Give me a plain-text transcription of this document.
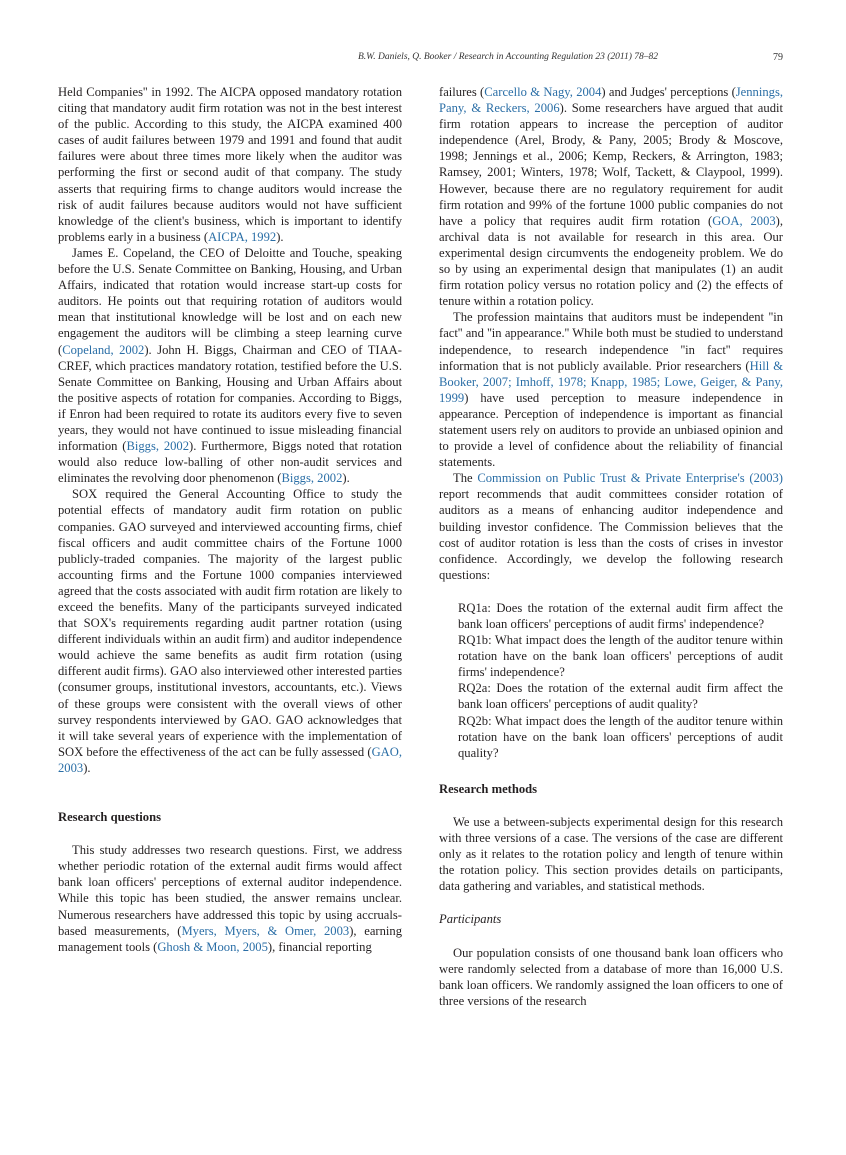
B.W. Daniels, Q. Booker / Research in Accounting Regulation 23 (2011) 78–82	79

Held Companies'' in 1992. The AICPA opposed mandatory rotation citing that mandatory audit firm rotation was not in the best interest of the public. According to this study, the AICPA examined 400 cases of audit failures between 1979 and 1991 and found that audit failures were about three times more likely when the auditor was performing the first or second audit of that company. The study asserts that requiring firms to change auditors would increase the risk of audit failures because auditors would not have sufficient knowledge of the client's business, which is important to identify problems early in a business (AICPA, 1992).

James E. Copeland, the CEO of Deloitte and Touche, speaking before the U.S. Senate Committee on Banking, Housing, and Urban Affairs, indicated that rotation would increase start-up costs for auditors. He points out that requiring rotation of auditors would mean that institutional knowledge will be lost and on each new engagement the auditors will be climbing a steep learning curve (Copeland, 2002). John H. Biggs, Chairman and CEO of TIAA-CREF, which practices mandatory rotation, testified before the U.S. Senate Committee on Banking, Housing and Urban Affairs about the positive aspects of rotation for companies. According to Biggs, if Enron had been required to rotate its auditors every five to seven years, they would not have continued to issue misleading financial information (Biggs, 2002). Furthermore, Biggs noted that rotation would also reduce low-balling of other non-audit services and eliminates the revolving door phenomenon (Biggs, 2002).

SOX required the General Accounting Office to study the potential effects of mandatory audit firm rotation on public companies. GAO surveyed and interviewed accounting firms, chief fiscal officers and audit committee chairs of the Fortune 1000 publicly-traded companies. The majority of the largest public accounting firms and the Fortune 1000 companies interviewed agreed that the costs associated with audit firm rotation are likely to exceed the benefits. Many of the participants surveyed indicated that SOX's requirements regarding audit partner rotation (using different individuals within an audit firm) and auditor independence would achieve the same benefits as audit firm rotation (using different audit firms). GAO also interviewed other interested parties (consumer groups, institutional investors, accountants, etc.). Views of these groups were consistent with the overall views of other survey respondents interviewed by GAO. GAO acknowledges that it will take several years of experience with the implementation of SOX before the effectiveness of the act can be fully assessed (GAO, 2003).

Research questions

This study addresses two research questions. First, we address whether periodic rotation of the external audit firms would affect bank loan officers' perceptions of external auditor independence. While this topic has been studied, the answer remains unclear. Numerous researchers have addressed this topic by using accruals-based measurements, (Myers, Myers, & Omer, 2003), earning management tools (Ghosh & Moon, 2005), financial reporting

failures (Carcello & Nagy, 2004) and Judges' perceptions (Jennings, Pany, & Reckers, 2006). Some researchers have argued that audit firm rotation appears to increase the perception of auditor independence (Arel, Brody, & Pany, 2005; Brody & Moscove, 1998; Jennings et al., 2006; Kemp, Reckers, & Arrington, 1983; Ramsey, 2001; Winters, 1978; Wolf, Tackett, & Claypool, 1999). However, because there are no regulatory requirement for audit firm rotation and 99% of the fortune 1000 public companies do not have a policy that requires audit firm rotation (GOA, 2003), archival data is not available for research in this area. Our experimental design circumvents the endogeneity problem. We do so by using an experimental design that manipulates (1) an audit firm rotation policy versus no rotation policy and (2) the effects of tenure within a rotation policy.

The profession maintains that auditors must be independent ''in fact'' and ''in appearance.'' While both must be studied to understand independence, to research independence ''in fact'' requires information that is not publicly available. Prior researchers (Hill & Booker, 2007; Imhoff, 1978; Knapp, 1985; Lowe, Geiger, & Pany, 1999) have used perception to measure independence in appearance. Perception of independence is important as financial statement users rely on auditors to provide an unbiased opinion and to provide a level of confidence about the reliability of financial statements.

The Commission on Public Trust & Private Enterprise's (2003) report recommends that audit committees consider rotation of auditors as a means of enhancing auditor independence and building investor confidence. The Commission believes that the cost of auditor rotation is less than the costs of crises in investor confidence. Accordingly, we develop the following research questions:

RQ1a: Does the rotation of the external audit firm affect the bank loan officers' perceptions of audit firms' independence?

RQ1b: What impact does the length of the auditor tenure within rotation have on the bank loan officers' perceptions of audit firms' independence?

RQ2a: Does the rotation of the external audit firm affect the bank loan officers' perceptions of audit quality?

RQ2b: What impact does the length of the auditor tenure within rotation have on the bank loan officers' perceptions of audit quality?

Research methods

We use a between-subjects experimental design for this research with three versions of a case. The versions of the case are different only as it relates to the rotation policy and length of tenure within the rotation policy. This section provides details on participants, data gathering and variables, and statistical methods.

Participants

Our population consists of one thousand bank loan officers who were randomly selected from a database of more than 16,000 U.S. bank loan officers. We randomly assigned the loan officers to one of three versions of the research
